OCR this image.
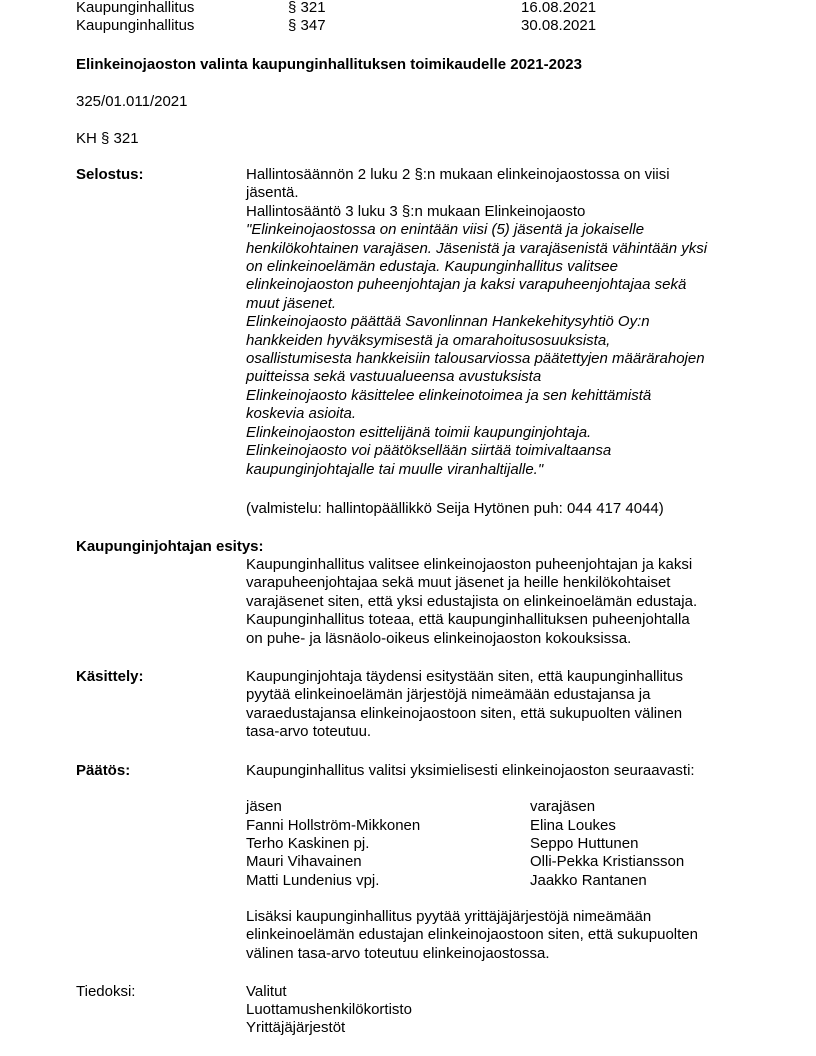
Kaupunginhallitus	§ 321	16.08.2021
Kaupunginhallitus	§ 347	30.08.2021
Elinkeinojaoston valinta kaupunginhallituksen toimikaudelle 2021-2023
325/01.011/2021
KH § 321
Selostus:	Hallintosäännön 2 luku 2 §:n mukaan elinkeinojaostossa on viisi
jäsentä.
Hallintosääntö 3 luku 3 §:n mukaan Elinkeinojaosto
"Elinkeinojaostossa on enintään viisi (5) jäsentä ja jokaiselle
henkilökohtainen varajäsen. Jäsenistä ja varajäsenistä vähintään yksi
on elinkeinoelämän edustaja. Kaupunginhallitus valitsee
elinkeinojaoston puheenjohtajan ja kaksi varapuheenjohtajaa sekä
muut jäsenet.
Elinkeinojaosto päättää Savonlinnan Hankekehitysyhtiö Oy:n
hankkeiden hyväksymisestä ja omarahoitusosuuksista,
osallistumisesta hankkeisiin talousarviossa päätettyjen määrärahojen
puitteissa sekä vastuualueensa avustuksista
Elinkeinojaosto käsittelee elinkeinotoimea ja sen kehittämistä
koskevia asioita.
Elinkeinojaoston esittelijänä toimii kaupunginjohtaja.
Elinkeinojaosto voi päätöksellään siirtää toimivaltaansa
kaupunginjohtajalle tai muulle viranhaltijalle."
(valmistelu: hallintopäällikkö Seija Hytönen puh: 044 417 4044)
Kaupunginjohtajan esitys:
Kaupunginhallitus valitsee elinkeinojaoston puheenjohtajan ja kaksi
varapuheenjohtajaa sekä muut jäsenet ja heille henkilökohtaiset
varajäsenet siten, että yksi edustajista on elinkeinoelämän edustaja.
Kaupunginhallitus toteaa, että kaupunginhallituksen puheenjohtalla
on puhe- ja läsnäolo-oikeus elinkeinojaoston kokouksissa.
Käsittely:	Kaupunginjohtaja täydensi esitystään siten, että kaupunginhallitus
pyytää elinkeinoelämän järjestöjä nimeämään edustajansa ja
varaedustajansa elinkeinojaostoon siten, että sukupuolten välinen
tasa-arvo toteutuu.
Päätös:	Kaupunginhallitus valitsi yksimielisesti elinkeinojaoston seuraavasti:
jäsen	varajäsen
Fanni Hollström-Mikkonen	Elina Loukes
Terho Kaskinen pj.	Seppo Huttunen
Mauri Vihavainen	Olli-Pekka Kristiansson
Matti Lundenius vpj.	Jaakko Rantanen
Lisäksi kaupunginhallitus pyytää yrittäjäjärjestöjä nimeämään
elinkeinoelämän edustajan elinkeinojaostoon siten, että sukupuolten
välinen tasa-arvo toteutuu elinkeinojaostossa.
Tiedoksi:	Valitut
Luottamushenkilökortisto
Yrittäjäjärjestöt
